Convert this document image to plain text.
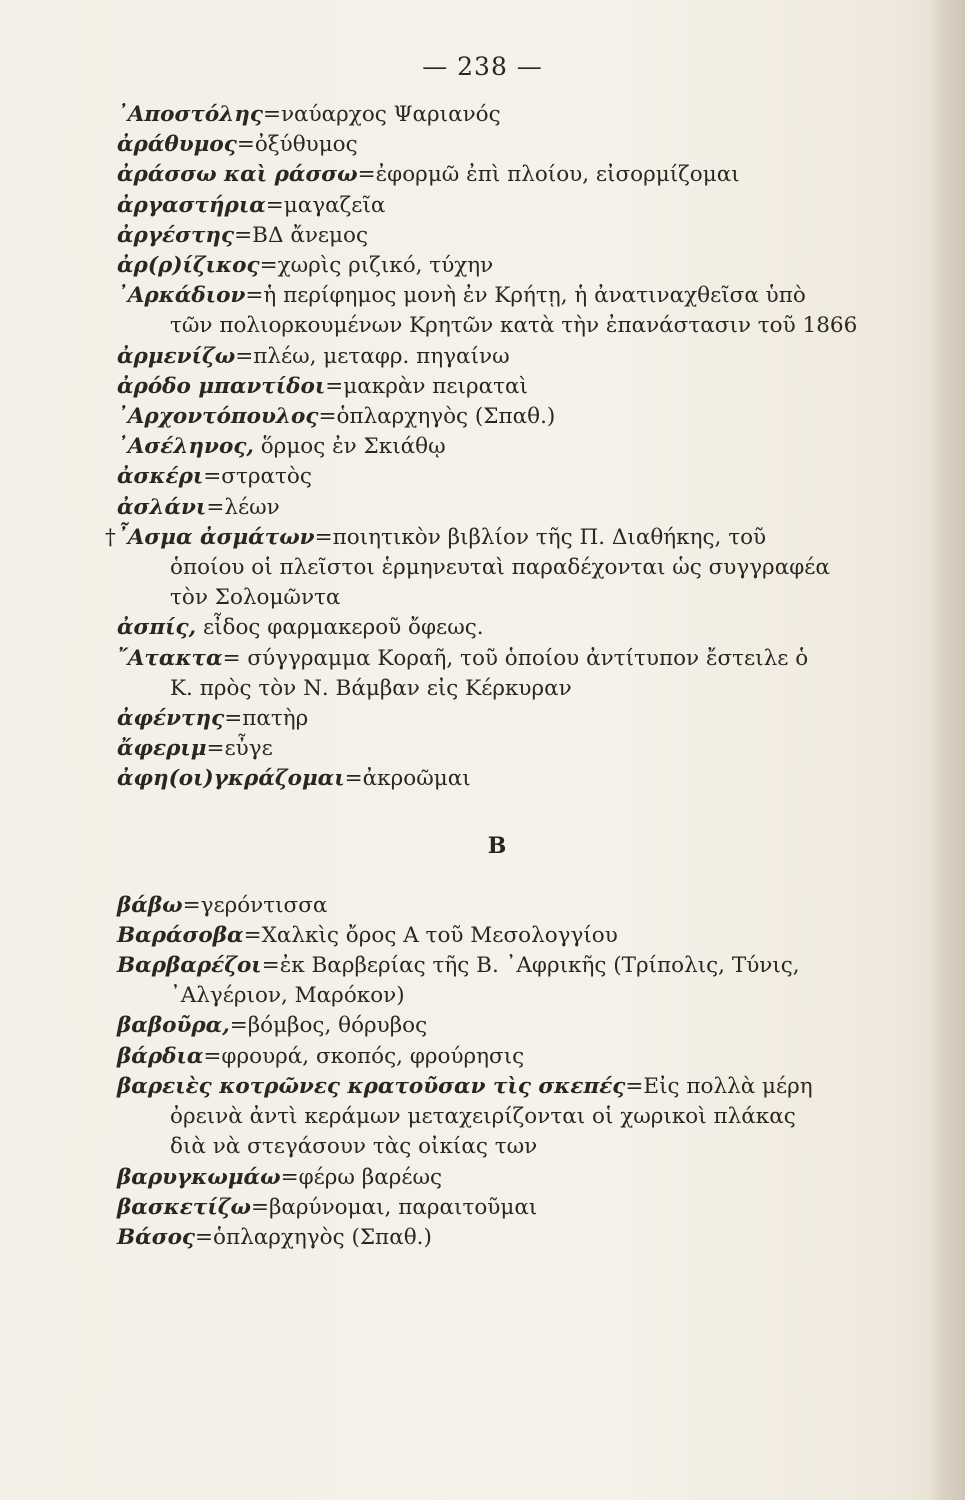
— 238 —

᾿Αποστόλης=ναύαρχος Ψαριανός

ἀράθυμος=ὀξύθυμος

ἀράσσω καὶ ράσσω=ἐφορμῶ ἐπὶ πλοίου, εἰσορμίζομαι

ἀργαστήρια=μαγαζεῖα

ἀργέστης=ΒΔ ἄνεμος

ἀρ(ρ)ίζικος=χωρὶς ριζικό, τύχην

᾿Αρκάδιον=ἡ περίφημος μονὴ ἐν Κρήτῃ, ἡ ἀνατιναχθεῖσα ὑπὸ

τῶν πολιορκουμένων Κρητῶν κατὰ τὴν ἐπανάστασιν τοῦ 1866

ἀρμενίζω=πλέω, μεταφρ. πηγαίνω

ἀρόδο μπαντίδοι=μακρὰν πειραταὶ

᾿Αρχοντόπουλος=ὁπλαρχηγὸς (Σπαθ.)

᾿Ασέληνος, ὅρμος ἐν Σκιάθῳ

ἀσκέρι=στρατὸς

ἀσλάνι=λέων

† ῏Ασμα ἀσμάτων=ποιητικὸν βιβλίον τῆς Π. Διαθήκης, τοῦ

ὁποίου οἱ πλεῖστοι ἑρμηνευταὶ παραδέχονται ὡς συγγραφέα

τὸν Σολομῶντα

ἀσπίς, εἶδος φαρμακεροῦ ὄφεως.

῎Ατακτα= σύγγραμμα Κοραῆ, τοῦ ὁποίου ἀντίτυπον ἔστειλε ὁ

Κ. πρὸς τὸν Ν. Βάμβαν εἰς Κέρκυραν

ἀφέντης=πατὴρ

ἄφεριμ=εὖγε

ἀφη(οι)γκράζομαι=ἀκροῶμαι

B

βάβω=γερόντισσα

Βαράσοβα=Χαλκὶς ὄρος Α τοῦ Μεσολογγίου

Βαρβαρέζοι=ἐκ Βαρβερίας τῆς Β. ᾿Αφρικῆς (Τρίπολις, Τύνις,

᾿Αλγέριον, Μαρόκον)

βαβοῦρα,=βόμβος, θόρυβος

βάρδια=φρουρά, σκοπός, φρούρησις

βαρειὲς κοτρῶνες κρατοῦσαν τὶς σκεπές=Εἰς πολλὰ μέρη

ὀρεινὰ ἀντὶ κεράμων μεταχειρίζονται οἱ χωρικοὶ πλάκας

διὰ νὰ στεγάσουν τὰς οἰκίας των

βαρυγκωμάω=φέρω βαρέως

βασκετίζω=βαρύνομαι, παραιτοῦμαι

Βάσος=ὁπλαρχηγὸς (Σπαθ.)
